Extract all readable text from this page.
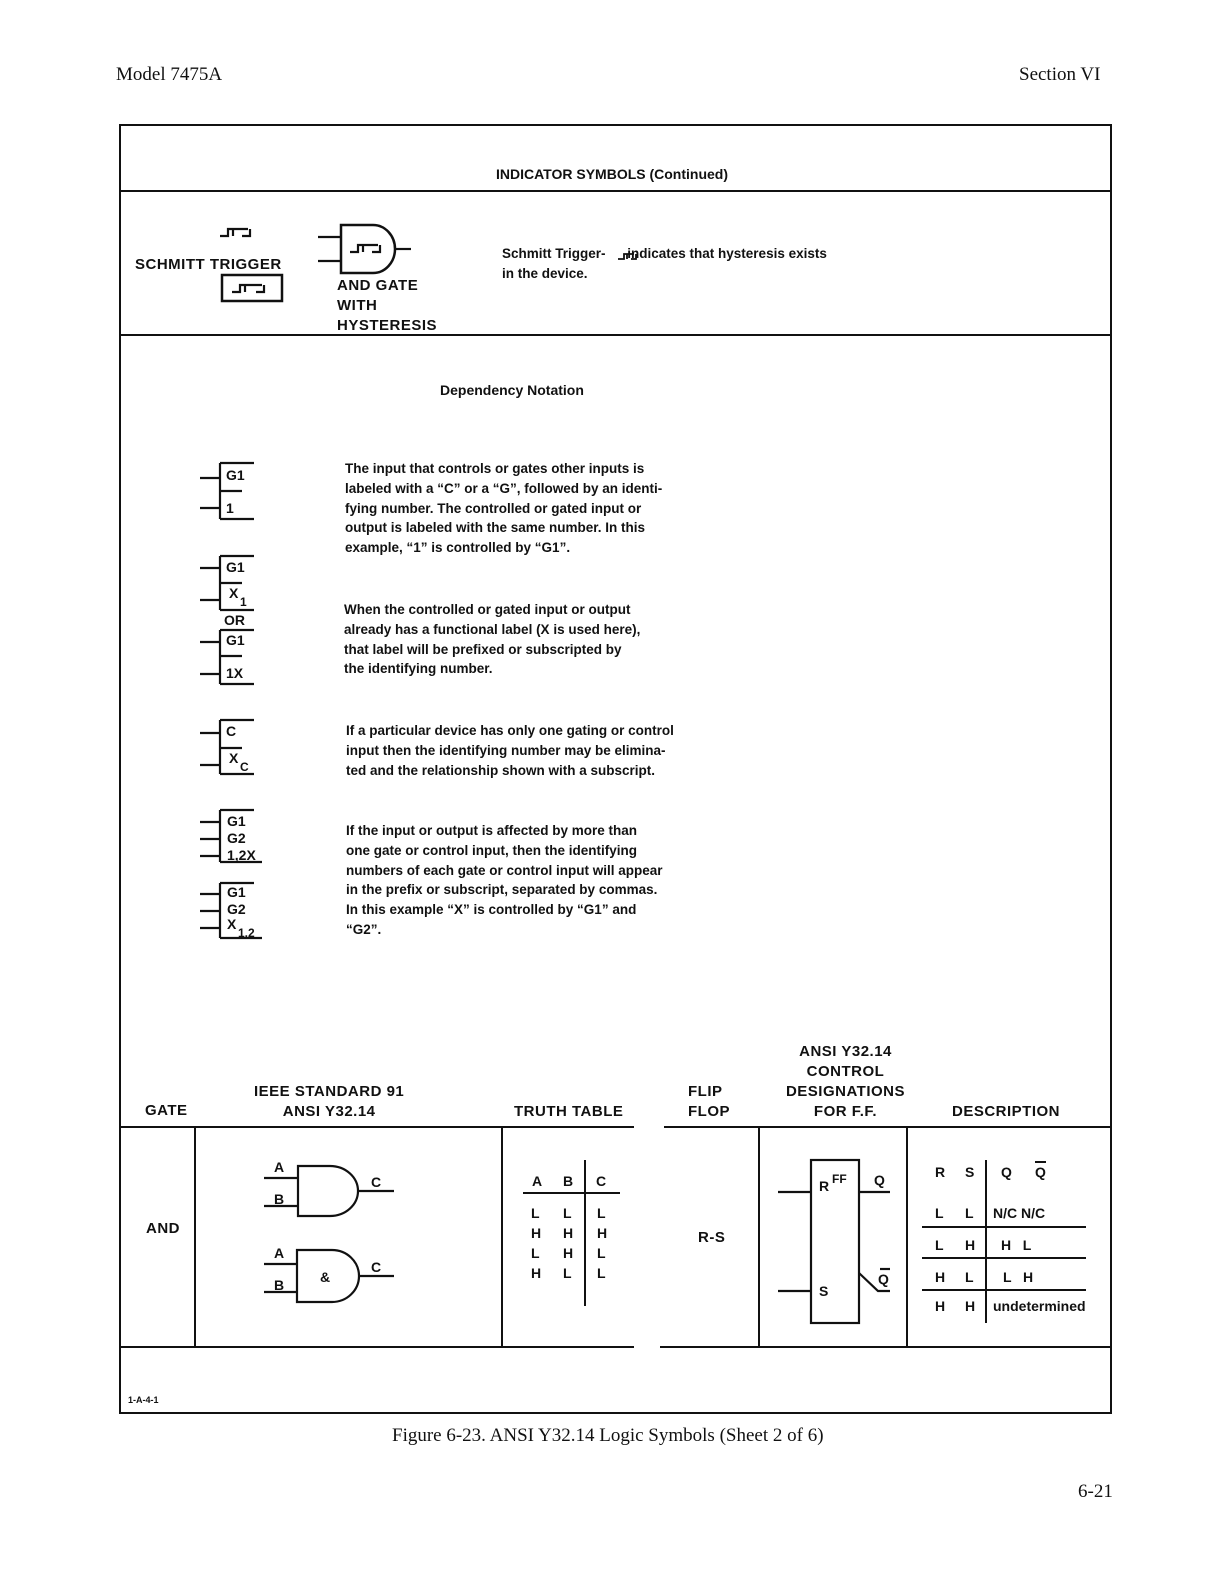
Model 7475A	Section VI
INDICATOR SYMBOLS (Continued)
SCHMITT TRIGGER
AND GATE
WITH
HYSTERESIS
Schmitt Trigger- indicates that hysteresis exists
in the device.
Dependency Notation
G1
1
G1
X
1
OR
G1
1X
C
X
C
G1
G2
1,2X
G1
G2
X
1,2
The input that controls or gates other inputs is
labeled with a “C” or a “G”, followed by an identi-
fying number. The controlled or gated input or
output is labeled with the same number. In this
example, “1” is controlled by “G1”.
When the controlled or gated input or output
already has a functional label (X is used here),
that label will be prefixed or subscripted by
the identifying number.
If a particular device has only one gating or control
input then the identifying number may be elimina-
ted and the relationship shown with a subscript.
If the input or output is affected by more than
one gate or control input, then the identifying
numbers of each gate or control input will appear
in the prefix or subscript, separated by commas.
In this example “X” is controlled by “G1” and
“G2”.
GATE
IEEE STANDARD 91
ANSI Y32.14	TRUTH TABLE
FLIP
FLOP
ANSI Y32.14
CONTROL
DESIGNATIONS
FOR F.F.	DESCRIPTION
AND
A
B
C
A
B
C
&
A B C
L L L
H H H
L H L
H L L
R-S
R FF
S
Q
Q
R S Q Q
L L N/C N/C
L H H   L
H L L   H
H H undetermined
1-A-4-1
Figure 6-23. ANSI Y32.14 Logic Symbols (Sheet 2 of 6)
6-21
